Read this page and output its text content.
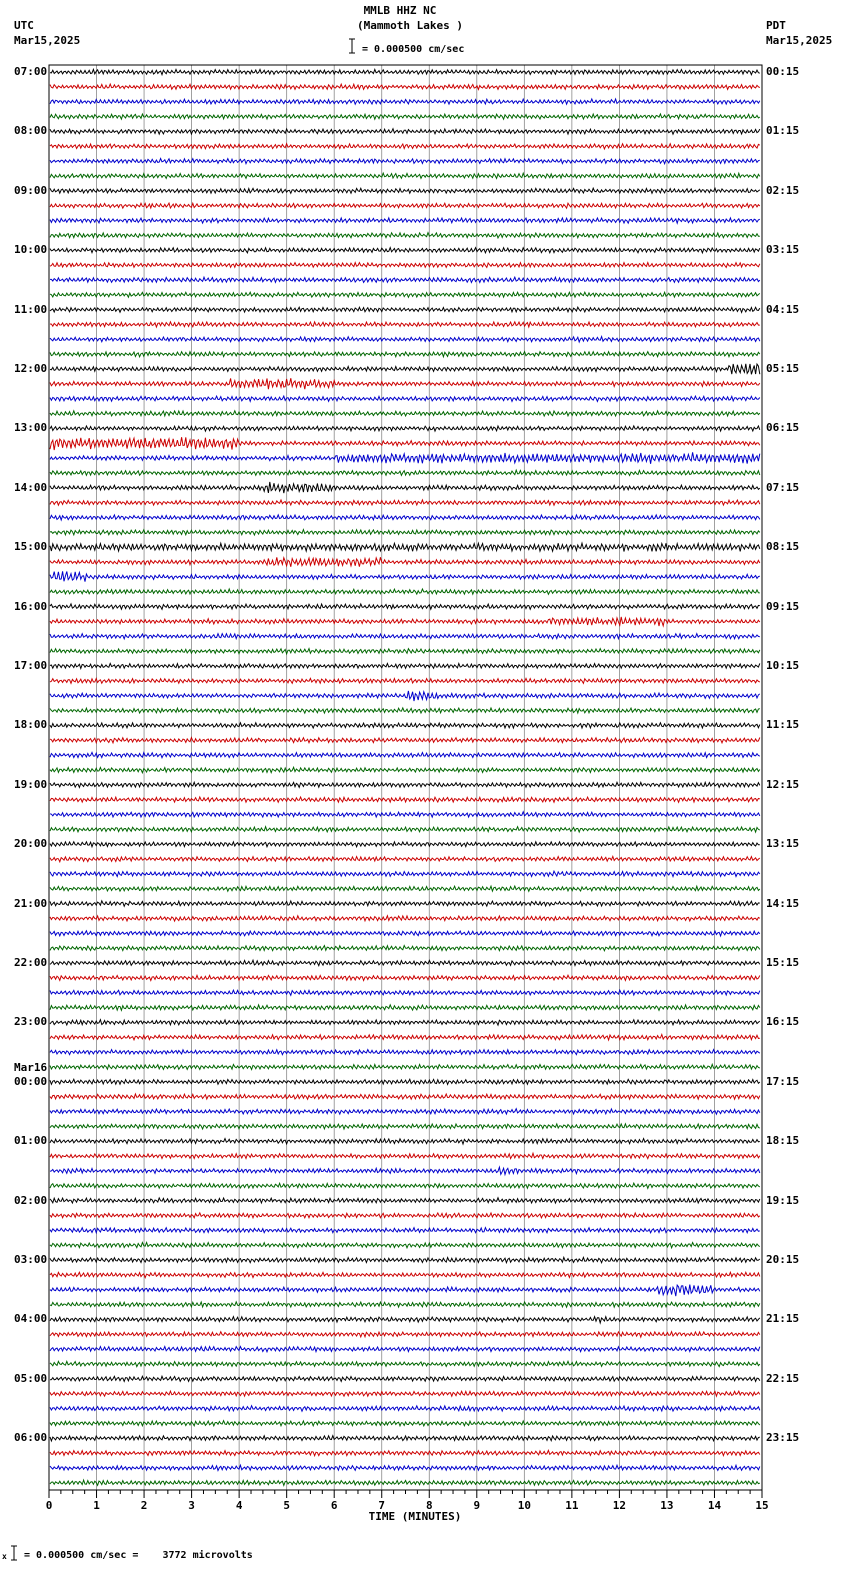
0	1	2	3	4	5	6	7	8	9	10	11	12	13	14	15
MMLB HHZ NC
(Mammoth Lakes )
= 0.000500 cm/sec
UTC
Mar15,2025
PDT
Mar15,2025
07:00
08:00
09:00
10:00
11:00
12:00
13:00
14:00
15:00
16:00
17:00
18:00
19:00
20:00
21:00
22:00
23:00
00:00
01:00
02:00
03:00
04:00
05:00
06:00
Mar16
00:15
01:15
02:15
03:15
04:15
05:15
06:15
07:15
08:15
09:15
10:15
11:15
12:15
13:15
14:15
15:15
16:15
17:15
18:15
19:15
20:15
21:15
22:15
23:15
TIME (MINUTES)
x = 0.000500 cm/sec =    3772 microvolts
